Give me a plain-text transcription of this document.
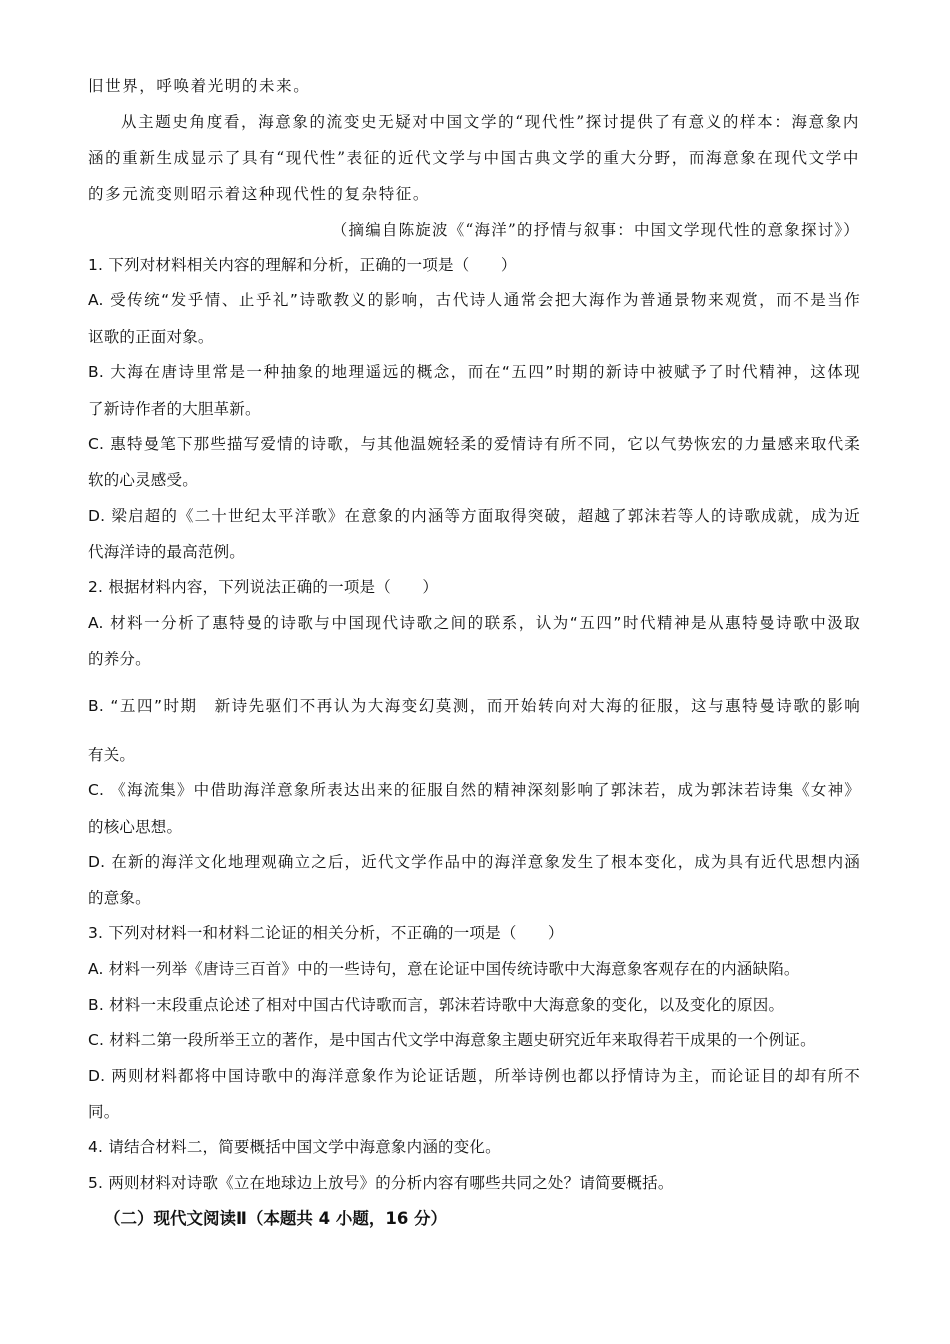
旧世界，呼唤着光明的未来。
从主题史角度看，海意象的流变史无疑对中国文学的“现代性”探讨提供了有意义的样本：海意象内
涵的重新生成显示了具有“现代性”表征的近代文学与中国古典文学的重大分野，而海意象在现代文学中
的多元流变则昭示着这种现代性的复杂特征。
（摘编自陈旋波《“海洋”的抒情与叙事：中国文学现代性的意象探讨》）
1. 下列对材料相关内容的理解和分析，正确的一项是（　　）
A. 受传统“发乎情、止乎礼”诗歌教义的影响，古代诗人通常会把大海作为普通景物来观赏，而不是当作
讴歌的正面对象。
B. 大海在唐诗里常是一种抽象的地理遥远的概念，而在“五四”时期的新诗中被赋予了时代精神，这体现
了新诗作者的大胆革新。
C. 惠特曼笔下那些描写爱情的诗歌，与其他温婉轻柔的爱情诗有所不同，它以气势恢宏的力量感来取代柔
软的心灵感受。
D. 梁启超的《二十世纪太平洋歌》在意象的内涵等方面取得突破，超越了郭沫若等人的诗歌成就，成为近
代海洋诗的最高范例。
2. 根据材料内容，下列说法正确的一项是（　　）
A. 材料一分析了惠特曼的诗歌与中国现代诗歌之间的联系，认为“五四”时代精神是从惠特曼诗歌中汲取
的养分。
B. “五四”时期　新诗先驱们不再认为大海变幻莫测，而开始转向对大海的征服，这与惠特曼诗歌的影响
有关。
C. 《海流集》中借助海洋意象所表达出来的征服自然的精神深刻影响了郭沫若，成为郭沫若诗集《女神》
的核心思想。
D. 在新的海洋文化地理观确立之后，近代文学作品中的海洋意象发生了根本变化，成为具有近代思想内涵
的意象。
3. 下列对材料一和材料二论证的相关分析，不正确的一项是（　　）
A. 材料一列举《唐诗三百首》中的一些诗句，意在论证中国传统诗歌中大海意象客观存在的内涵缺陷。
B. 材料一末段重点论述了相对中国古代诗歌而言，郭沫若诗歌中大海意象的变化，以及变化的原因。
C. 材料二第一段所举王立的著作，是中国古代文学中海意象主题史研究近年来取得若干成果的一个例证。
D. 两则材料都将中国诗歌中的海洋意象作为论证话题，所举诗例也都以抒情诗为主，而论证目的却有所不
同。
4. 请结合材料二，简要概括中国文学中海意象内涵的变化。
5. 两则材料对诗歌《立在地球边上放号》的分析内容有哪些共同之处？请简要概括。
（二）现代文阅读Ⅱ（本题共 4 小题，16 分）
